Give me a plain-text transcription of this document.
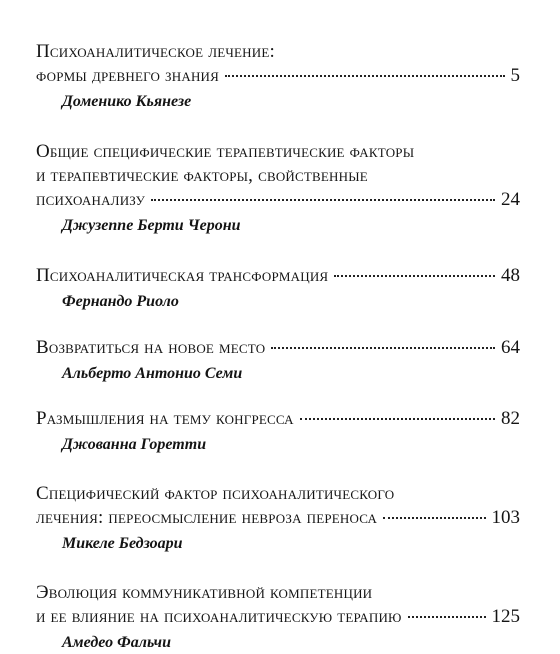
Психоаналитическое лечение:
формы древнего знания	5
Доменико Кьянезе
Общие специфические терапевтические факторы
и терапевтические факторы, свойственные
психоанализу	24
Джузеппе Берти Черони
Психоаналитическая трансформация	48
Фернандо Риоло
Возвратиться на новое место	64
Альберто Антонио Семи
Размышления на тему конгресса	82
Джованна Горетти
Специфический фактор психоаналитического
лечения: переосмысление невроза переноса	103
Микеле Бедзоари
Эволюция коммуникативной компетенции
и ее влияние на психоаналитическую терапию	125
Амедео Фальчи
